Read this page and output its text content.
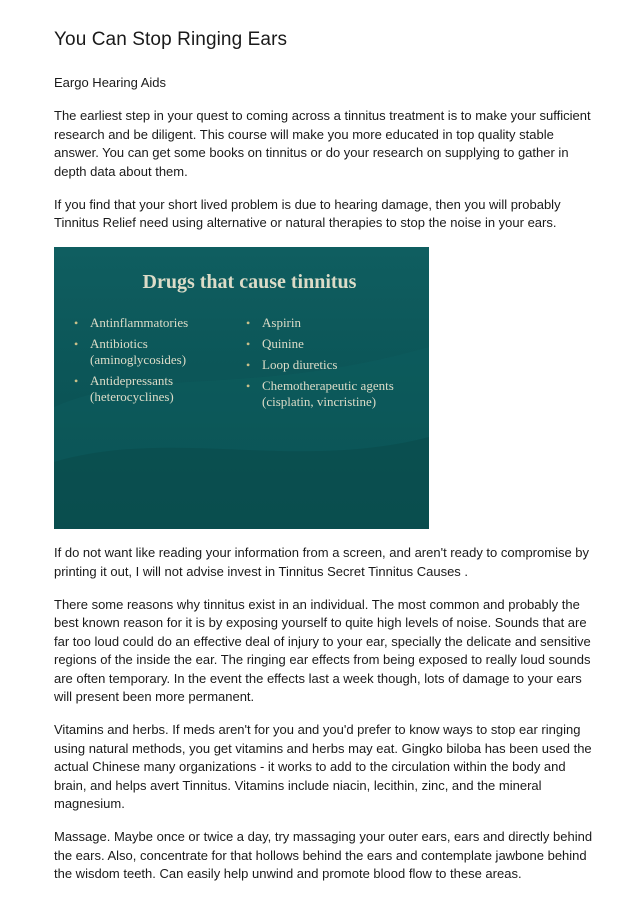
You Can Stop Ringing Ears
Eargo Hearing Aids

The earliest step in your quest to coming across a tinnitus treatment is to make your sufficient research and be diligent. This course will make you more educated in top quality stable answer. You can get some books on tinnitus or do your research on supplying to gather in depth data about them.

If you find that your short lived problem is due to hearing damage, then you will probably Tinnitus Relief need using alternative or natural therapies to stop the noise in your ears.

Drugs that cause tinnitus
• Antinflammatories
• Antibiotics (aminoglycosides)
• Antidepressants (heterocyclines)
• Aspirin
• Quinine
• Loop diuretics
• Chemotherapeutic agents (cisplatin, vincristine)

If do not want like reading your information from a screen, and aren't ready to compromise by printing it out, I will not advise invest in Tinnitus Secret Tinnitus Causes .

There some reasons why tinnitus exist in an individual. The most common and probably the best known reason for it is by exposing yourself to quite high levels of noise. Sounds that are far too loud could do an effective deal of injury to your ear, specially the delicate and sensitive regions of the inside the ear. The ringing ear effects from being exposed to really loud sounds are often temporary. In the event the effects last a week though, lots of damage to your ears will present been more permanent.

Vitamins and herbs. If meds aren't for you and you'd prefer to know ways to stop ear ringing using natural methods, you get vitamins and herbs may eat. Gingko biloba has been used the actual Chinese many organizations - it works to add to the circulation within the body and brain, and helps avert Tinnitus. Vitamins include niacin, lecithin, zinc, and the mineral magnesium.

Massage. Maybe once or twice a day, try massaging your outer ears, ears and directly behind the ears. Also, concentrate for that hollows behind the ears and contemplate jawbone behind the wisdom teeth. Can easily help unwind and promote blood flow to these areas.
